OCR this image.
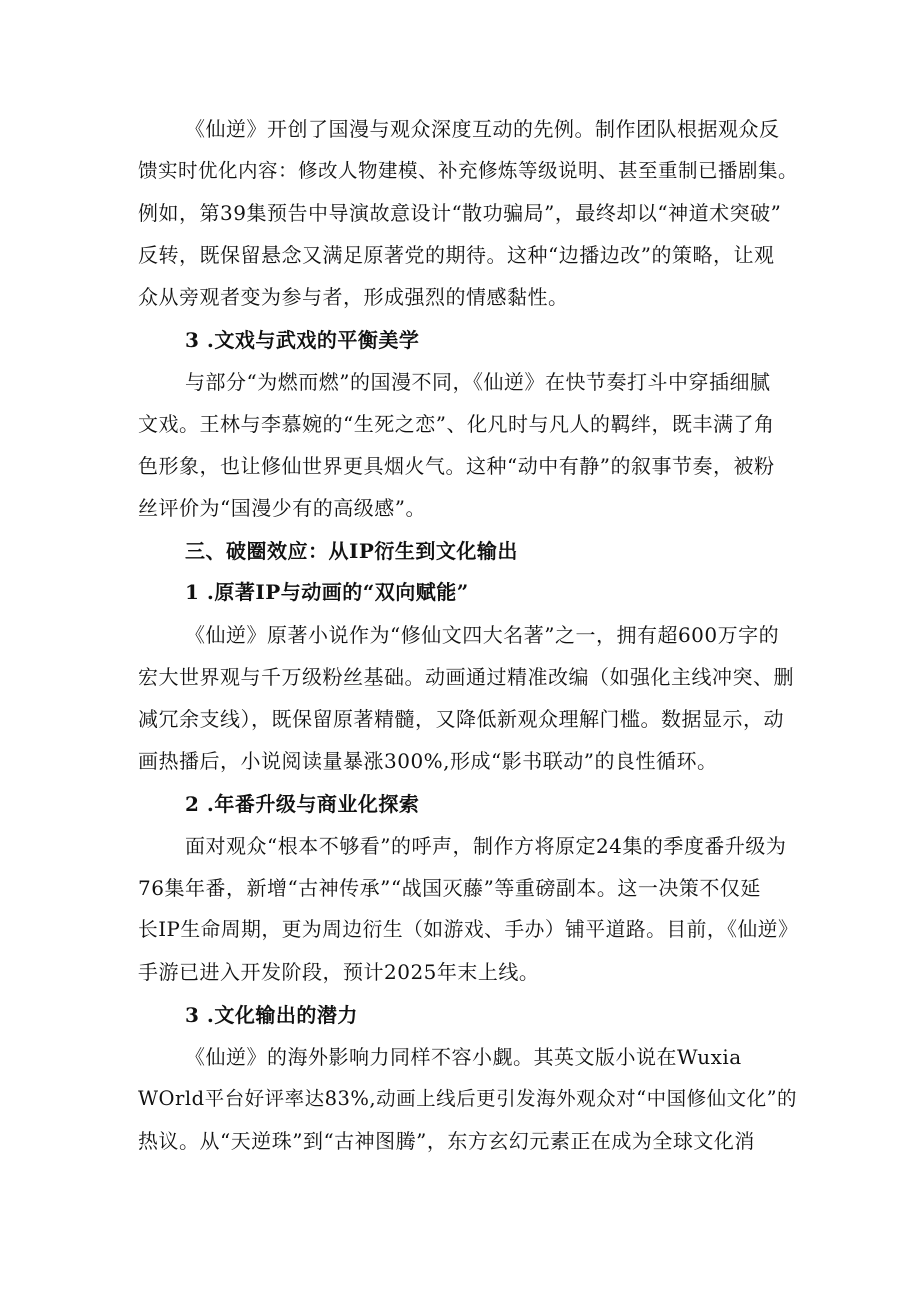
《仙逆》开创了国漫与观众深度互动的先例。制作团队根据观众反
馈实时优化内容：修改人物建模、补充修炼等级说明、甚至重制已播剧集。
例如，第39集预告中导演故意设计“散功骗局”，最终却以“神道术突破”
反转，既保留悬念又满足原著党的期待。这种“边播边改”的策略，让观
众从旁观者变为参与者，形成强烈的情感黏性。
3 .文戏与武戏的平衡美学
与部分“为燃而燃”的国漫不同，《仙逆》在快节奏打斗中穿插细腻
文戏。王林与李慕婉的“生死之恋”、化凡时与凡人的羁绊，既丰满了角
色形象，也让修仙世界更具烟火气。这种“动中有静”的叙事节奏，被粉
丝评价为“国漫少有的高级感”。
三、破圈效应：从IP衍生到文化输出
1 .原著IP与动画的“双向赋能”
《仙逆》原著小说作为“修仙文四大名著”之一，拥有超600万字的
宏大世界观与千万级粉丝基础。动画通过精准改编（如强化主线冲突、删
减冗余支线），既保留原著精髓，又降低新观众理解门槛。数据显示，动
画热播后，小说阅读量暴涨300%,形成“影书联动”的良性循环。
2 .年番升级与商业化探索
面对观众“根本不够看”的呼声，制作方将原定24集的季度番升级为
76集年番，新增“古神传承”“战国灭藤”等重磅副本。这一决策不仅延
长IP生命周期，更为周边衍生（如游戏、手办）铺平道路。目前，《仙逆》
手游已进入开发阶段，预计2025年末上线。
3 .文化输出的潜力
《仙逆》的海外影响力同样不容小觑。其英文版小说在Wuxia
WOrld平台好评率达83%,动画上线后更引发海外观众对“中国修仙文化”的
热议。从“天逆珠”到“古神图腾”，东方玄幻元素正在成为全球文化消
